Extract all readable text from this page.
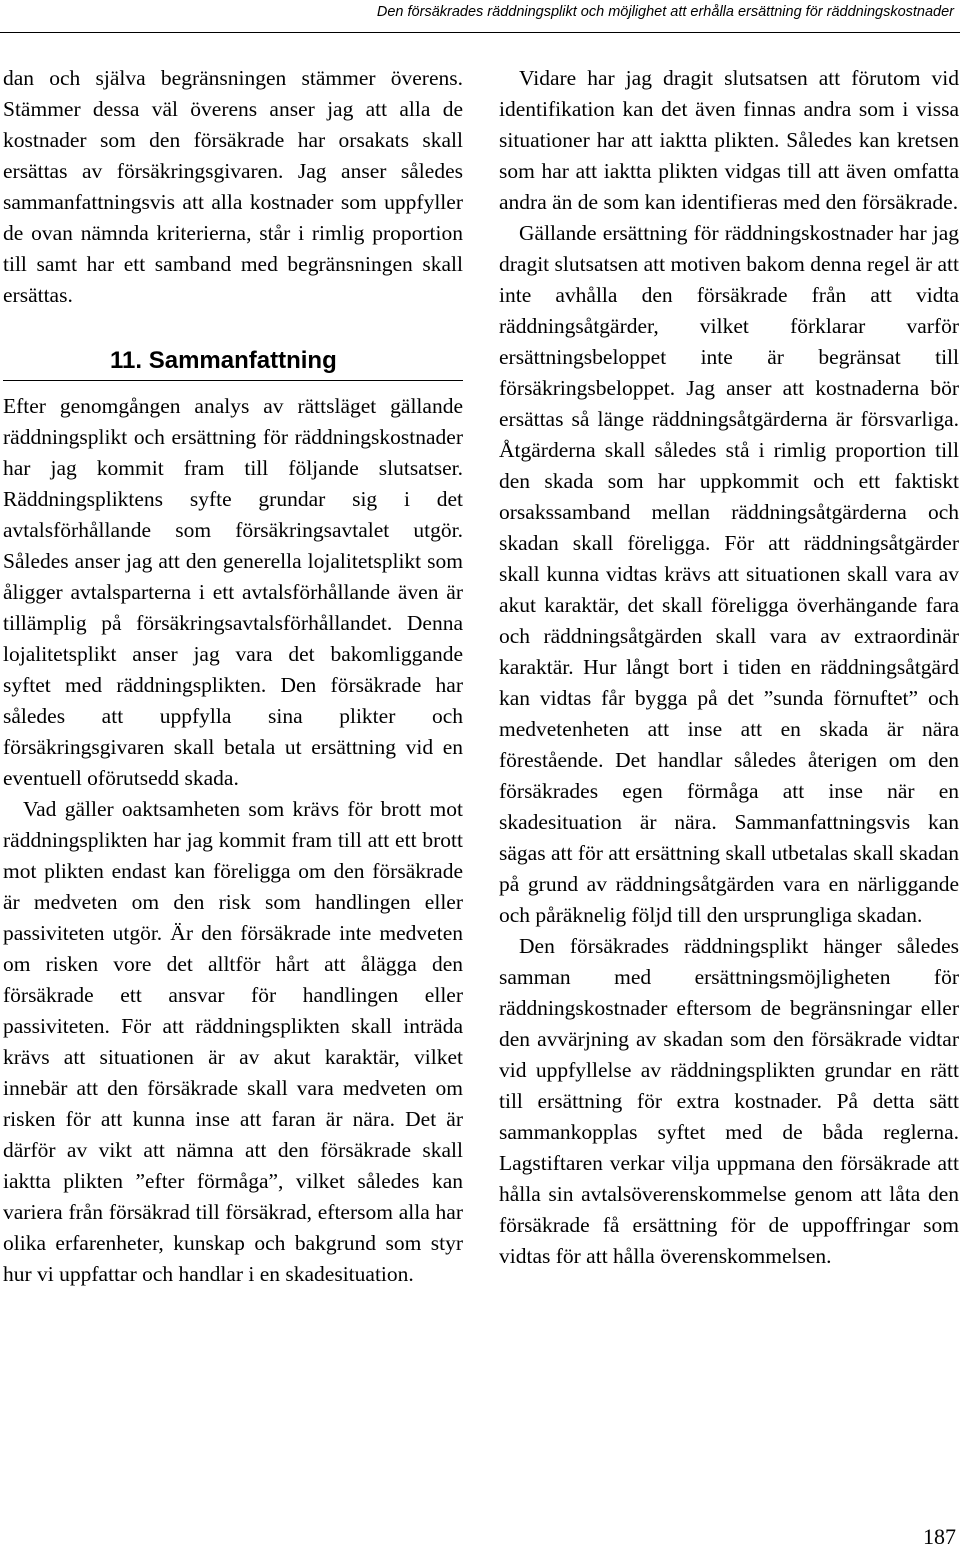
Den försäkrades räddningsplikt och möjlighet att erhålla ersättning för räddningskostnader

dan och själva begränsningen stämmer överens. Stämmer dessa väl överens anser jag att alla de kostnader som den försäkrade har orsakats skall ersättas av försäkringsgivaren. Jag anser således sammanfattningsvis att alla kostnader som uppfyller de ovan nämnda kriterierna, står i rimlig proportion till samt har ett samband med begränsningen skall ersättas.

11. Sammanfattning

Efter genomgången analys av rättsläget gällande räddningsplikt och ersättning för räddningskostnader har jag kommit fram till följande slutsatser. Räddningspliktens syfte grundar sig i det avtalsförhållande som försäkringsavtalet utgör. Således anser jag att den generella lojalitetsplikt som åligger avtalsparterna i ett avtalsförhållande även är tillämplig på försäkringsavtalsförhållandet. Denna lojalitetsplikt anser jag vara det bakomliggande syftet med räddningsplikten. Den försäkrade har således att uppfylla sina plikter och försäkringsgivaren skall betala ut ersättning vid en eventuell oförutsedd skada.

Vad gäller oaktsamheten som krävs för brott mot räddningsplikten har jag kommit fram till att ett brott mot plikten endast kan föreligga om den försäkrade är medveten om den risk som handlingen eller passiviteten utgör. Är den försäkrade inte medveten om risken vore det alltför hårt att ålägga den försäkrade ett ansvar för handlingen eller passiviteten. För att räddningsplikten skall inträda krävs att situationen är av akut karaktär, vilket innebär att den försäkrade skall vara medveten om risken för att kunna inse att faran är nära. Det är därför av vikt att nämna att den försäkrade skall iaktta plikten ”efter förmåga”, vilket således kan variera från försäkrad till försäkrad, eftersom alla har olika erfarenheter, kunskap och bakgrund som styr hur vi uppfattar och handlar i en skadesituation.

Vidare har jag dragit slutsatsen att förutom vid identifikation kan det även finnas andra som i vissa situationer har att iaktta plikten. Således kan kretsen som har att iaktta plikten vidgas till att även omfatta andra än de som kan identifieras med den försäkrade.

Gällande ersättning för räddningskostnader har jag dragit slutsatsen att motiven bakom denna regel är att inte avhålla den försäkrade från att vidta räddningsåtgärder, vilket förklarar varför ersättningsbeloppet inte är begränsat till försäkringsbeloppet. Jag anser att kostnaderna bör ersättas så länge räddningsåtgärderna är försvarliga. Åtgärderna skall således stå i rimlig proportion till den skada som har uppkommit och ett faktiskt orsakssamband mellan räddningsåtgärderna och skadan skall föreligga. För att räddningsåtgärder skall kunna vidtas krävs att situationen skall vara av akut karaktär, det skall föreligga överhängande fara och räddningsåtgärden skall vara av extraordinär karaktär. Hur långt bort i tiden en räddningsåtgärd kan vidtas får bygga på det ”sunda förnuftet” och medvetenheten att inse att en skada är nära förestående. Det handlar således återigen om den försäkrades egen förmåga att inse när en skadesituation är nära. Sammanfattningsvis kan sägas att för att ersättning skall utbetalas skall skadan på grund av räddningsåtgärden vara en närliggande och påräknelig följd till den ursprungliga skadan.

Den försäkrades räddningsplikt hänger således samman med ersättningsmöjligheten för räddningskostnader eftersom de begränsningar eller den avvärjning av skadan som den försäkrade vidtar vid uppfyllelse av räddningsplikten grundar en rätt till ersättning för extra kostnader. På detta sätt sammankopplas syftet med de båda reglerna. Lagstiftaren verkar vilja uppmana den försäkrade att hålla sin avtalsöverenskommelse genom att låta den försäkrade få ersättning för de uppoffringar som vidtas för att hålla överenskommelsen.

187
